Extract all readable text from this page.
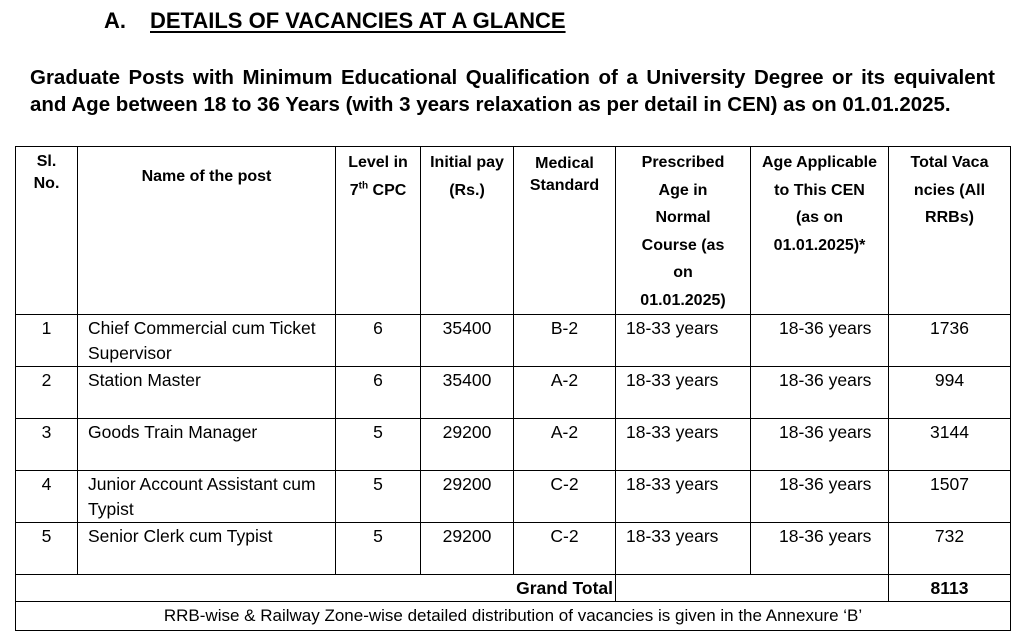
A. DETAILS OF VACANCIES AT A GLANCE
Graduate Posts with Minimum Educational Qualification of a University Degree or its equivalent and Age between 18 to 36 Years (with 3 years relaxation as per detail in CEN) as on 01.01.2025.
Sl. No.	Name of the post	Level in 7th CPC	Initial pay (Rs.)	Medical Standard	Prescribed Age in Normal Course (as on 01.01.2025)	Age Applicable to This CEN (as on 01.01.2025)*	Total Vacancies (All RRBs)

1	Chief Commercial cum Ticket Supervisor	6	35400	B-2	18-33 years	18-36 years	1736
2	Station Master	6	35400	A-2	18-33 years	18-36 years	994
3	Goods Train Manager	5	29200	A-2	18-33 years	18-36 years	3144
4	Junior Account Assistant cum Typist	5	29200	C-2	18-33 years	18-36 years	1507
5	Senior Clerk cum Typist	5	29200	C-2	18-33 years	18-36 years	732
Grand Total							8113
RRB-wise & Railway Zone-wise detailed distribution of vacancies is given in the Annexure ‘B’							
